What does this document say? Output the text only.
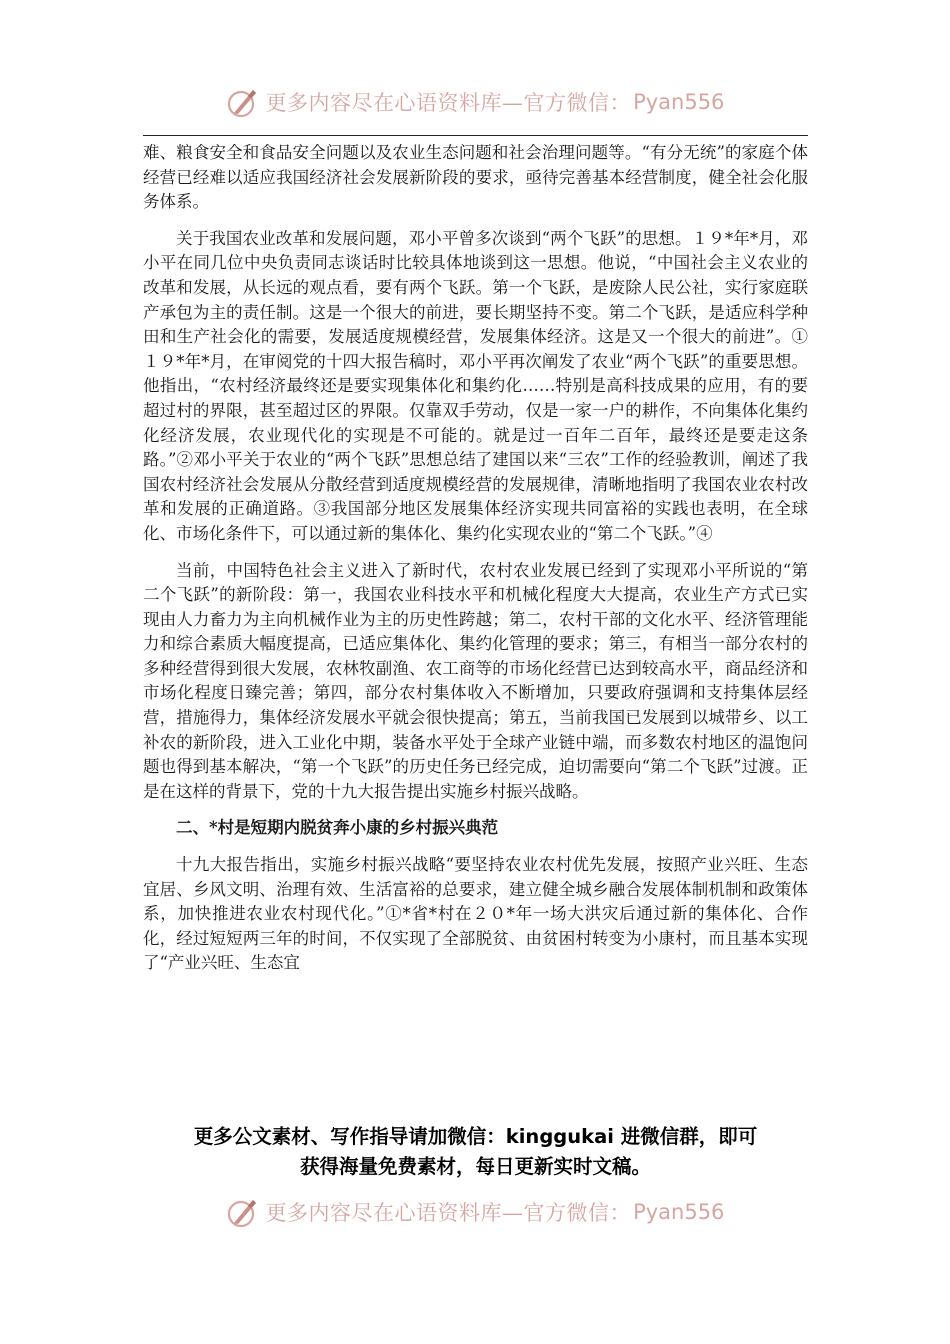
更多内容尽在心语资料库—官方微信： Pyan556

难、粮食安全和食品安全问题以及农业生态问题和社会治理问题等。“有分无统”的家庭个体经营已经难以适应我国经济社会发展新阶段的要求，亟待完善基本经营制度，健全社会化服务体系。

关于我国农业改革和发展问题，邓小平曾多次谈到“两个飞跃”的思想。１９*年*月，邓小平在同几位中央负责同志谈话时比较具体地谈到这一思想。他说，“中国社会主义农业的改革和发展，从长远的观点看，要有两个飞跃。第一个飞跃，是废除人民公社，实行家庭联产承包为主的责任制。这是一个很大的前进，要长期坚持不变。第二个飞跃，是适应科学种田和生产社会化的需要，发展适度规模经营，发展集体经济。这是又一个很大的前进”。①１９*年*月，在审阅党的十四大报告稿时，邓小平再次阐发了农业“两个飞跃”的重要思想。他指出，“农村经济最终还是要实现集体化和集约化……特别是高科技成果的应用，有的要超过村的界限，甚至超过区的界限。仅靠双手劳动，仅是一家一户的耕作，不向集体化集约化经济发展，农业现代化的实现是不可能的。就是过一百年二百年，最终还是要走这条路。”②邓小平关于农业的“两个飞跃”思想总结了建国以来“三农”工作的经验教训，阐述了我国农村经济社会发展从分散经营到适度规模经营的发展规律，清晰地指明了我国农业农村改革和发展的正确道路。③我国部分地区发展集体经济实现共同富裕的实践也表明，在全球化、市场化条件下，可以通过新的集体化、集约化实现农业的“第二个飞跃。”④

当前，中国特色社会主义进入了新时代，农村农业发展已经到了实现邓小平所说的“第二个飞跃”的新阶段：第一，我国农业科技水平和机械化程度大大提高，农业生产方式已实现由人力畜力为主向机械作业为主的历史性跨越；第二，农村干部的文化水平、经济管理能力和综合素质大幅度提高，已适应集体化、集约化管理的要求；第三，有相当一部分农村的多种经营得到很大发展，农林牧副渔、农工商等的市场化经营已达到较高水平，商品经济和市场化程度日臻完善；第四，部分农村集体收入不断增加，只要政府强调和支持集体层经营，措施得力，集体经济发展水平就会很快提高；第五，当前我国已发展到以城带乡、以工补农的新阶段，进入工业化中期，装备水平处于全球产业链中端，而多数农村地区的温饱问题也得到基本解决，“第一个飞跃”的历史任务已经完成，迫切需要向“第二个飞跃”过渡。正是在这样的背景下，党的十九大报告提出实施乡村振兴战略。

二、*村是短期内脱贫奔小康的乡村振兴典范

十九大报告指出，实施乡村振兴战略“要坚持农业农村优先发展，按照产业兴旺、生态宜居、乡风文明、治理有效、生活富裕的总要求，建立健全城乡融合发展体制机制和政策体系，加快推进农业农村现代化。”①*省*村在２０*年一场大洪灾后通过新的集体化、合作化，经过短短两三年的时间，不仅实现了全部脱贫、由贫困村转变为小康村，而且基本实现了“产业兴旺、生态宜

更多公文素材、写作指导请加微信：kinggukai 进微信群，即可
获得海量免费素材，每日更新实时文稿。
更多内容尽在心语资料库—官方微信： Pyan556
